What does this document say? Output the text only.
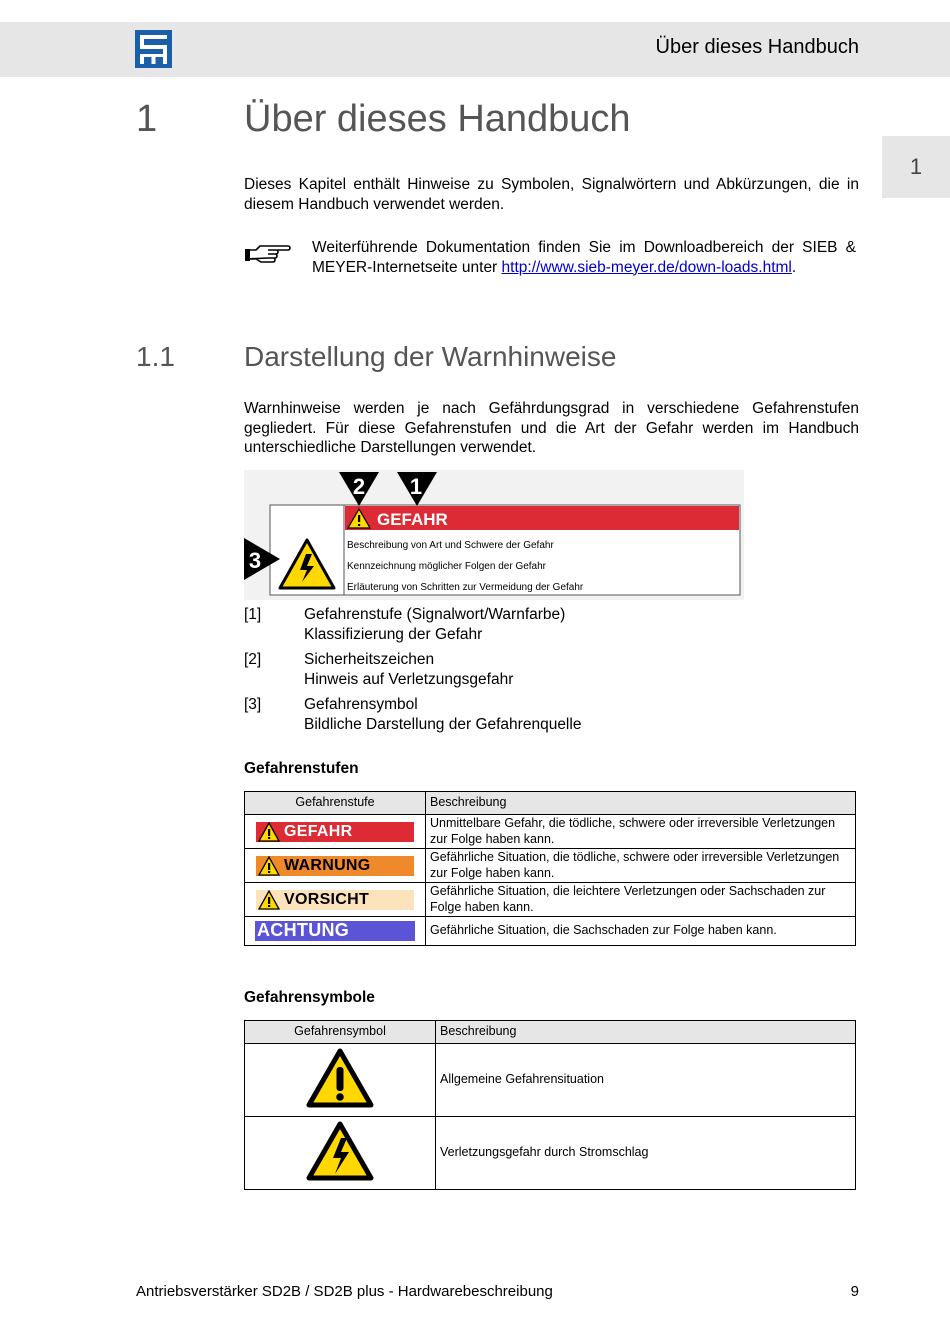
Über dieses Handbuch
1
1 Über dieses Handbuch
Dieses Kapitel enthält Hinweise zu Symbolen, Signalwörtern und Abkürzungen, die in diesem Handbuch verwendet werden.
Weiterführende Dokumentation finden Sie im Downloadbereich der SIEB & MEYER-Internetseite unter http://www.sieb-meyer.de/down-loads.html.
1.1 Darstellung der Warnhinweise
Warnhinweise werden je nach Gefährdungsgrad in verschiedene Gefahrenstufen gegliedert. Für diese Gefahrenstufen und die Art der Gefahr werden im Handbuch unterschiedliche Darstellungen verwendet.
GEFAHR
Beschreibung von Art und Schwere der Gefahr
Kennzeichnung möglicher Folgen der Gefahr
Erläuterung von Schritten zur Vermeidung der Gefahr
2 1
3
[1]	Gefahrenstufe (Signalwort/Warnfarbe)
Klassifizierung der Gefahr
[2]	Sicherheitszeichen
Hinweis auf Verletzungsgefahr
[3]	Gefahrensymbol
Bildliche Darstellung der Gefahrenquelle
Gefahrenstufen
Gefahrenstufe	Beschreibung

GEFAHR	Unmittelbare Gefahr, die tödliche, schwere oder irreversible Verletzungen zur Folge haben kann.

WARNUNG	Gefährliche Situation, die tödliche, schwere oder irreversible Verletzungen zur Folge haben kann.

VORSICHT	Gefährliche Situation, die leichtere Verletzungen oder Sachschaden zur Folge haben kann.

ACHTUNG	Gefährliche Situation, die Sachschaden zur Folge haben kann.
Gefahrensymbole
Gefahrensymbol	Beschreibung
	Allgemeine Gefahrensituation
	Verletzungsgefahr durch Stromschlag
Antriebsverstärker SD2B / SD2B plus - Hardwarebeschreibung	9
